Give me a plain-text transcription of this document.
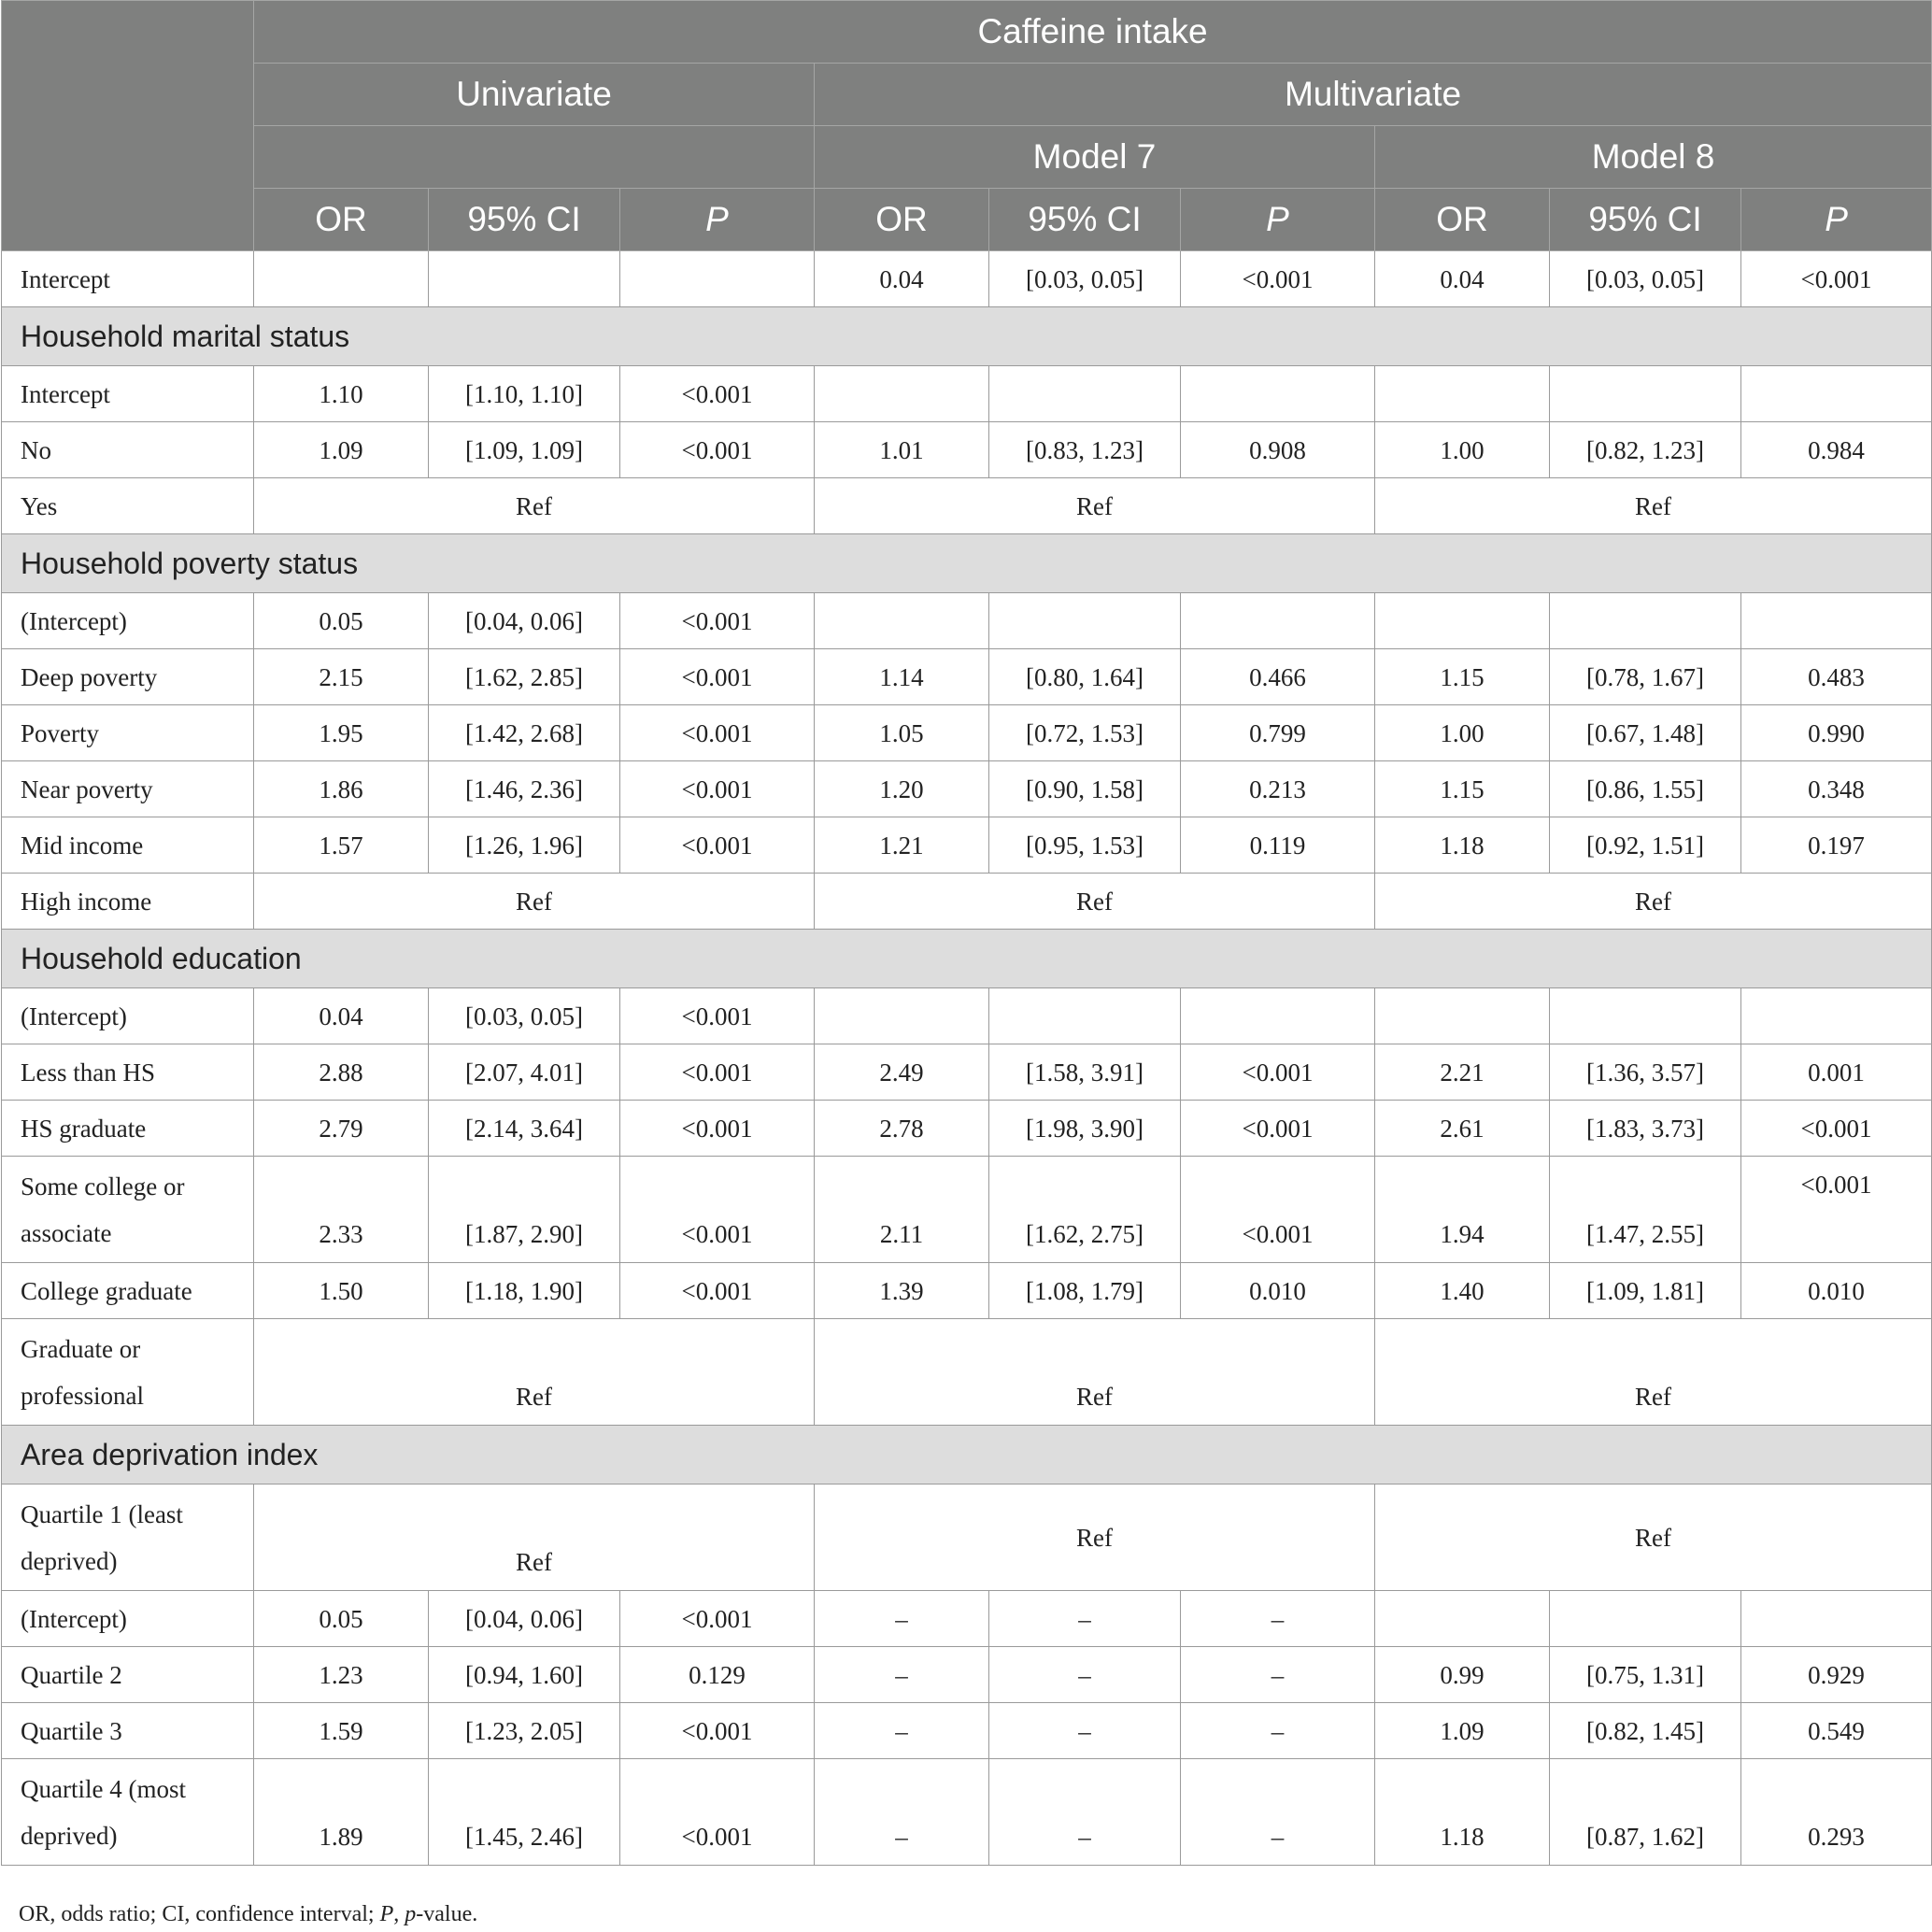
	Caffeine intake								
	Univariate			Multivariate					
				Model 7			Model 8		
	OR	95% CI	P	OR	95% CI	P	OR	95% CI	P
Intercept				0.04	[0.03, 0.05]	<0.001	0.04	[0.03, 0.05]	<0.001
Household marital status									
Intercept	1.10	[1.10, 1.10]	<0.001						
No	1.09	[1.09, 1.09]	<0.001	1.01	[0.83, 1.23]	0.908	1.00	[0.82, 1.23]	0.984
Yes	Ref			Ref			Ref		
Household poverty status									
(Intercept)	0.05	[0.04, 0.06]	<0.001						
Deep poverty	2.15	[1.62, 2.85]	<0.001	1.14	[0.80, 1.64]	0.466	1.15	[0.78, 1.67]	0.483
Poverty	1.95	[1.42, 2.68]	<0.001	1.05	[0.72, 1.53]	0.799	1.00	[0.67, 1.48]	0.990
Near poverty	1.86	[1.46, 2.36]	<0.001	1.20	[0.90, 1.58]	0.213	1.15	[0.86, 1.55]	0.348
Mid income	1.57	[1.26, 1.96]	<0.001	1.21	[0.95, 1.53]	0.119	1.18	[0.92, 1.51]	0.197
High income	Ref			Ref			Ref		
Household education									
(Intercept)	0.04	[0.03, 0.05]	<0.001						
Less than HS	2.88	[2.07, 4.01]	<0.001	2.49	[1.58, 3.91]	<0.001	2.21	[1.36, 3.57]	0.001
HS graduate	2.79	[2.14, 3.64]	<0.001	2.78	[1.98, 3.90]	<0.001	2.61	[1.83, 3.73]	<0.001

Some college or
associate	2.33	[1.87, 2.90]	<0.001	2.11	[1.62, 2.75]	<0.001	1.94	[1.47, 2.55]	<0.001
College graduate	1.50	[1.18, 1.90]	<0.001	1.39	[1.08, 1.79]	0.010	1.40	[1.09, 1.81]	0.010

Graduate or
professional	Ref			Ref			Ref		
Area deprivation index									

Quartile 1 (least
deprived)	Ref			Ref			Ref		
(Intercept)	0.05	[0.04, 0.06]	<0.001	–	–	–			
Quartile 2	1.23	[0.94, 1.60]	0.129	–	–	–	0.99	[0.75, 1.31]	0.929
Quartile 3	1.59	[1.23, 2.05]	<0.001	–	–	–	1.09	[0.82, 1.45]	0.549

Quartile 4 (most
deprived)	1.89	[1.45, 2.46]	<0.001	–	–	–	1.18	[0.87, 1.62]	0.293
OR, odds ratio; CI, confidence interval; P, p-value.
